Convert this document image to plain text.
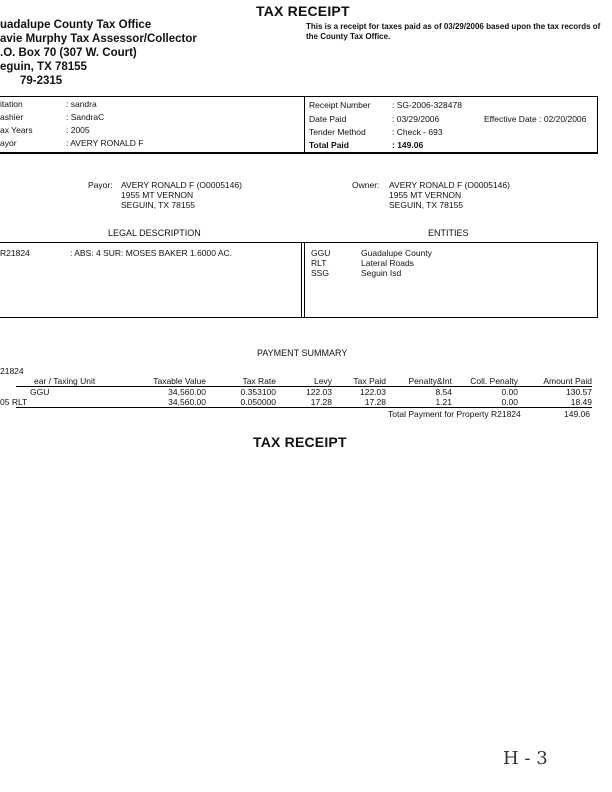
TAX RECEIPT
This is a receipt for taxes paid as of 03/29/2006 based upon the tax records of the County Tax Office.
uadalupe County Tax Office
avie Murphy Tax Assessor/Collector
.O. Box 70 (307 W. Court)
eguin, TX 78155
79-2315
itation	: sandra
ashier	: SandraC
ax Years	: 2005
ayor	: AVERY RONALD F
Receipt Number	: SG-2006-328478
Date Paid	: 03/29/2006	Effective Date : 02/20/2006
Tender Method	: Check - 693
Total Paid	: 149.06
Payor: AVERY RONALD F (O0005146)
1955 MT VERNON
SEGUIN, TX 78155
Owner: AVERY RONALD F (O0005146)
1955 MT VERNON
SEGUIN, TX 78155
LEGAL DESCRIPTION	ENTITIES
R21824	: ABS: 4 SUR: MOSES BAKER 1.6000 AC.	GGU	Guadalupe County
RLT	Lateral Roads
SSG	Seguin Isd
PAYMENT SUMMARY
21824
ear / Taxing Unit	Taxable Value	Tax Rate	Levy	Tax Paid	Penalty&Int	Coll. Penalty	Amount Paid
GGU	34,560.00	0.353100	122.03	122.03	8.54	0.00	130.57
05 RLT	34,560.00	0.050000	17.28	17.28	1.21	0.00	18.49
Total Payment for Property R21824	149.06
TAX RECEIPT
H - 3
